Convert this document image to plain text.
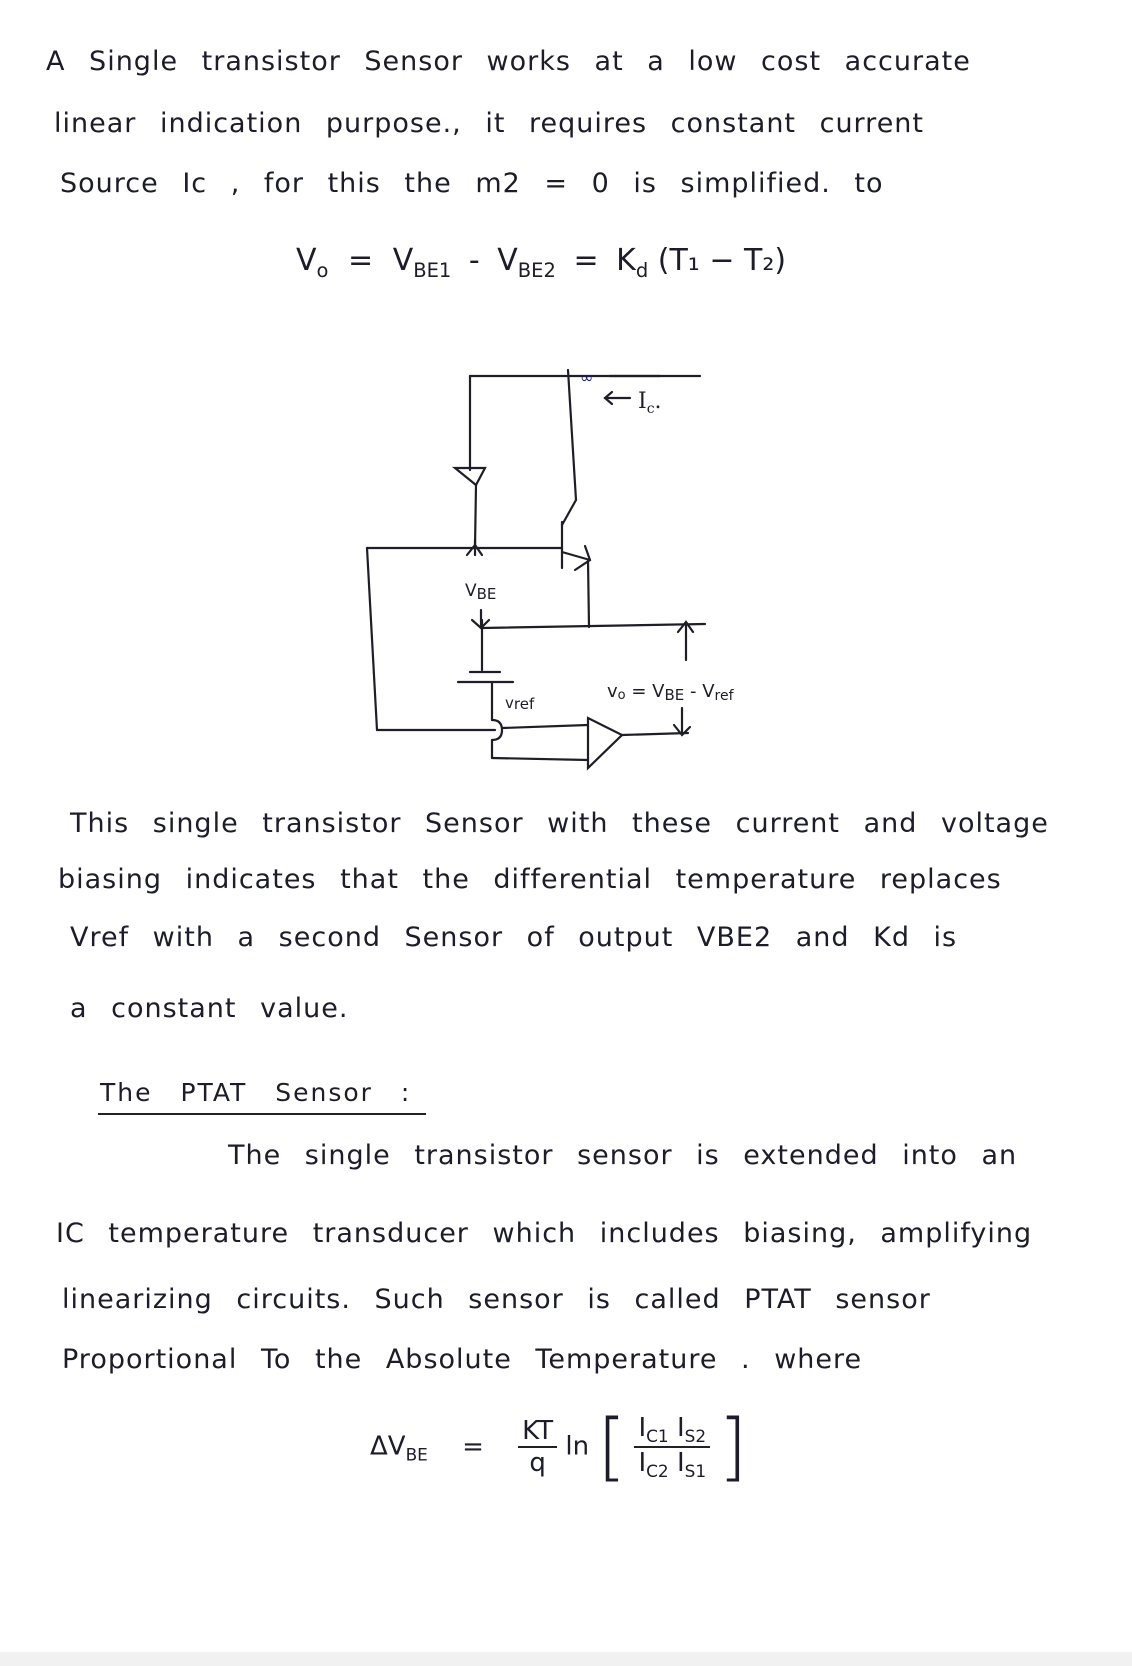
A Single transistor Sensor works at a low cost accurate
linear indication purpose., it requires constant current
Source Ic , for this the m2 = 0 is simplified. to
$V_o = V_{BE1} - V_{BE2} = K_d$ (T₁ − T₂)
∞
$I_c$.
VBE
vref
vo = VBE - Vref
This single transistor Sensor with these current and voltage
biasing indicates that the differential temperature replaces
Vref with a second Sensor of output VBE2 and Kd is
a constant value.
The PTAT Sensor :
The single transistor sensor is extended into an
IC temperature transducer which includes biasing, amplifying
linearizing circuits. Such sensor is called PTAT sensor
Proportional To the Absolute Temperature . where
$\Delta V_{BE} = \frac{KT}{q}$ ln [ $\frac{I_{C1} I_{S2}}{I_{C2} I_{S1}}$ ]
